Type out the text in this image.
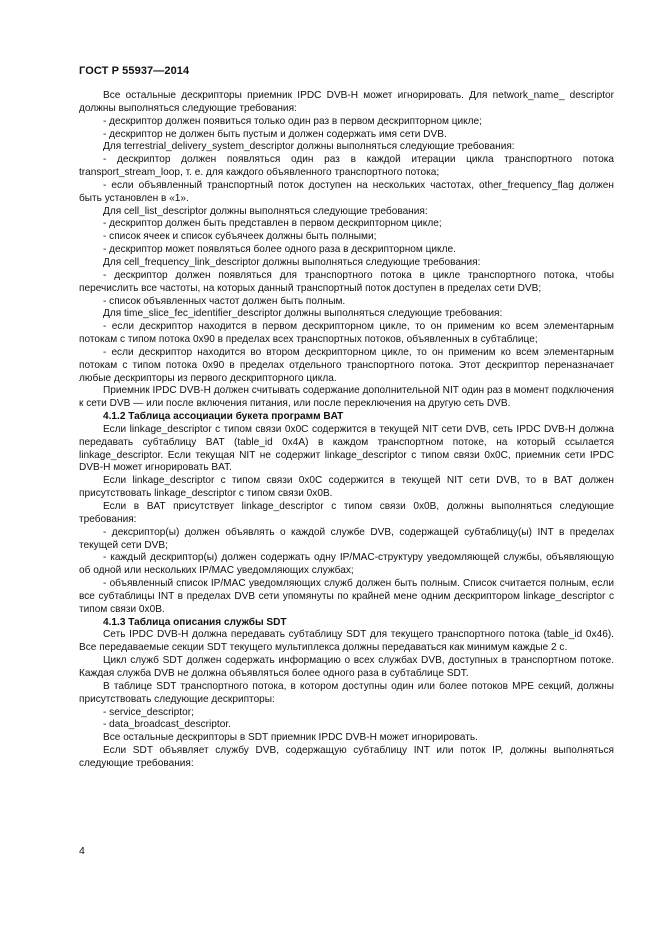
ГОСТ Р 55937—2014

Все остальные дескрипторы приемник IPDC DVB-H может игнорировать. Для network_name_ descriptor должны выполняться следующие требования:

- дескриптор должен появиться только один раз в первом дескрипторном цикле;

- дескриптор не должен быть пустым и должен содержать имя сети DVB.

Для terrestrial_delivery_system_descriptor должны выполняться следующие требования:

- дескриптор должен появляться один раз в каждой итерации цикла транспортного потока transport_stream_loop, т. е. для каждого объявленного транспортного потока;

- если объявленный транспортный поток доступен на нескольких частотах, other_frequency_flag должен быть установлен в «1».

Для cell_list_descriptor должны выполняться следующие требования:

- дескриптор должен быть представлен в первом дескрипторном цикле;

- список ячеек и список субъячеек должны быть полными;

- дескриптор может появляться более одного раза в дескрипторном цикле.

Для cell_frequency_link_descriptor должны выполняться следующие требования:

- дескриптор должен появляться для транспортного потока в цикле транспортного потока, чтобы перечислить все частоты, на которых данный транспортный поток доступен в пределах сети DVB;

- список объявленных частот должен быть полным.

Для time_slice_fec_identifier_descriptor должны выполняться следующие требования:

- если дескриптор находится в первом дескрипторном цикле, то он применим ко всем элементарным потокам с типом потока 0x90 в пределах всех транспортных потоков, объявленных в субтаблице;

- если дескриптор находится во втором дескрипторном цикле, то он применим ко всем элементарным потокам с типом потока 0x90 в пределах отдельного транспортного потока. Этот дескриптор переназначает любые дескрипторы из первого дескрипторного цикла.

Приемник IPDC DVB-H должен считывать содержание дополнительной NIT один раз в момент подключения к сети DVB — или после включения питания, или после переключения на другую сеть DVB.

4.1.2 Таблица ассоциации букета программ BAT

Если linkage_descriptor с типом связи 0x0C содержится в текущей NIT сети DVB, сеть IPDC DVB-H должна передавать субтаблицу BAT (table_id 0x4A) в каждом транспортном потоке, на который ссылается linkage_descriptor. Если текущая NIT не содержит linkage_descriptor с типом связи 0x0C, приемник сети IPDC DVB-H может игнорировать BAT.

Если linkage_descriptor с типом связи 0x0C содержится в текущей NIT сети DVB, то в BAT должен присутствовать linkage_descriptor с типом связи 0x0B.

Если в BAT присутствует linkage_descriptor с типом связи 0x0B, должны выполняться следующие требования:

- дексриптор(ы) должен объявлять о каждой службе DVB, содержащей субтаблицу(ы) INT в пределах текущей сети DVB;

- каждый дескриптор(ы) должен содержать одну IP/MAC-структуру уведомляющей службы, объявляющую об одной или нескольких IP/MAC уведомляющих службах;

- объявленный список IP/MAC уведомляющих служб должен быть полным. Список считается полным, если все субтаблицы INT в пределах DVB сети упомянуты по крайней мене одним дескриптором linkage_descriptor с типом связи 0x0B.

4.1.3 Таблица описания службы SDT

Сеть IPDC DVB-H должна передавать субтаблицу SDT для текущего транспортного потока (table_id 0x46). Все передаваемые секции SDT текущего мультиплекса должны передаваться как минимум каждые 2 с.

Цикл служб SDT должен содержать информацию о всех службах DVB, доступных в транспортном потоке. Каждая служба DVB не должна объявляться более одного раза в субтаблице SDT.

В таблице SDT транспортного потока, в котором доступны один или более потоков MPE секций, должны присутствовать следующие дескрипторы:

- service_descriptor;

- data_broadcast_descriptor.

Все остальные дескрипторы в SDT приемник IPDC DVB-H может игнорировать.

Если SDT объявляет службу DVB, содержащую субтаблицу INT или поток IP, должны выполняться следующие требования:

4
